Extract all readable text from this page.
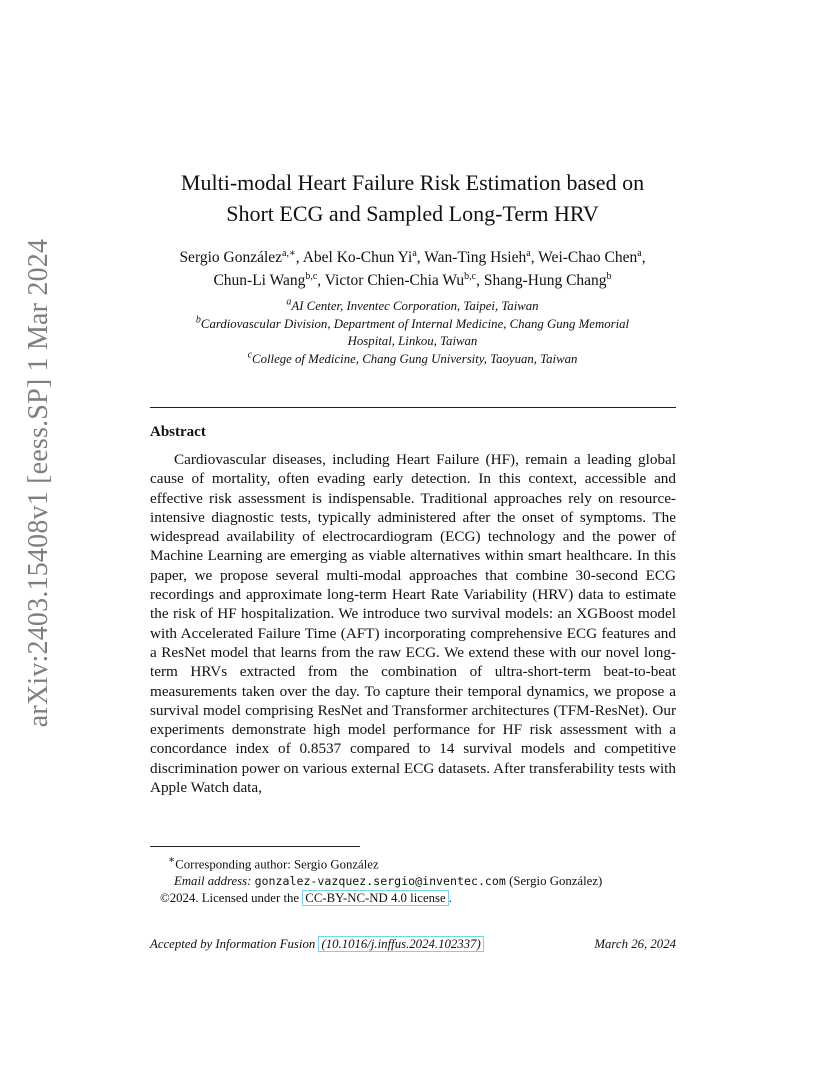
arXiv:2403.15408v1 [eess.SP] 1 Mar 2024
Multi-modal Heart Failure Risk Estimation based on
Short ECG and Sampled Long-Term HRV
Sergio González$^{a,∗}$, Abel Ko-Chun Yi$^a$, Wan-Ting Hsieh$^a$, Wei-Chao Chen$^a$,
Chun-Li Wang$^{b,c}$, Victor Chien-Chia Wu$^{b,c}$, Shang-Hung Chang$^b$
$^a$AI Center, Inventec Corporation, Taipei, Taiwan
$^b$Cardiovascular Division, Department of Internal Medicine, Chang Gung Memorial
Hospital, Linkou, Taiwan
$^c$College of Medicine, Chang Gung University, Taoyuan, Taiwan
Abstract
Cardiovascular diseases, including Heart Failure (HF), remain a leading global cause of mortality, often evading early detection. In this context, accessible and effective risk assessment is indispensable. Traditional approaches rely on resource-intensive diagnostic tests, typically administered after the onset of symptoms. The widespread availability of electrocardiogram (ECG) technology and the power of Machine Learning are emerging as viable alternatives within smart healthcare. In this paper, we propose several multi-modal approaches that combine 30-second ECG recordings and approximate long-term Heart Rate Variability (HRV) data to estimate the risk of HF hospitalization. We introduce two survival models: an XGBoost model with Accelerated Failure Time (AFT) incorporating comprehensive ECG features and a ResNet model that learns from the raw ECG. We extend these with our novel long-term HRVs extracted from the combination of ultra-short-term beat-to-beat measurements taken over the day. To capture their temporal dynamics, we propose a survival model comprising ResNet and Transformer architectures (TFM-ResNet). Our experiments demonstrate high model performance for HF risk assessment with a concordance index of 0.8537 compared to 14 survival models and competitive discrimination power on various external ECG datasets. After transferability tests with Apple Watch data,
∗Corresponding author: Sergio González
Email address: gonzalez-vazquez.sergio@inventec.com (Sergio González)
©2024. Licensed under the CC-BY-NC-ND 4.0 license .
Accepted by Information Fusion (10.1016/j.inffus.2024.102337)	March 26, 2024
